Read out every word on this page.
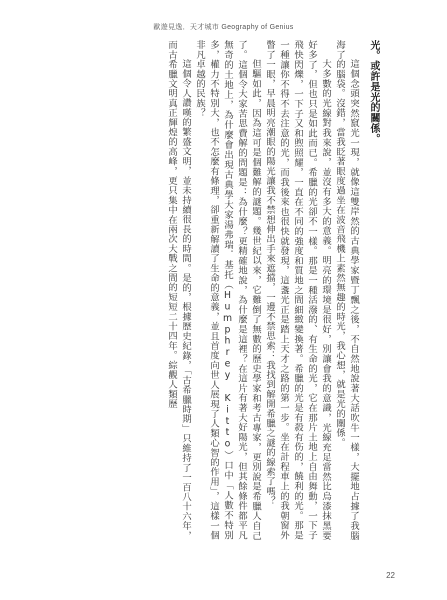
歐遊見逸．天才城市 Geography of Genius

光。或許是光的關係。

這個念頭突然竄光一現，就像這雙岸然的古典學家暨丁飄之後，不自然地說著大話吹牛一樣，大擺地占據了我腦海了的腦袋。沒錯，當我眨著眼度過坐在波音飛機上素然無趣的時光，我心想，就是光的關係。

大多數的光線對我來說，並沒有多大的意義。明亮的環境是很好，別讓會我的意識，光線充足當然比烏漆抹黑要好多了，但也只是如此而已。希臘的光卻不一樣。那是一種活潑的、有生命的光，它在那片土地上自由舞動，一下子飛快閃爍，一下子又和煦照耀，一直在不同的強度和質地之間細緻變換著。希臘的光是有殺有伤的，饒利的光。那是一種讓你不得不去注意的光，而我後來也很快就發現，這盞光正是踏上天才之路的第一步。坐在計程車上的我朝窗外瞥了一眼，早晨明亮潮眼的陽光讓我不禁想伸出手來遮擋，一邊不禁思索：我找到解開希臘之謎的線索了嗎？

但驅如此，因為這可是個難解的謎題。幾世紀以來，它難倒了無數的歷史學家和考古專家，更別說是希臘人自己了。這個令大家苦思費解的問題是：為什麼？更精確地說，為什麼是這裡？在這片有著大好陽光，但其餘條件都平凡無奇的土地上，為什麼會出現古典學大家湯弗瑞．基托（Humphrey Kitto）口中「人數不特別多，權力不特別大，也不怎麼有條理，卻重新解讀了生命的意義，並且首度向世人展現了人類心智的作用」，這樣一個非凡卓越的民族？

這個令人讚嘆的繁盛文明，並未持續很長的時間。是的，根據歷史紀錄，「古希臘時期」只維持了一百八十六年，而古希臘文明真正輝煌的高峰，更只集中在兩次大戰之間的短短二十四年。綜觀人類歷

22
